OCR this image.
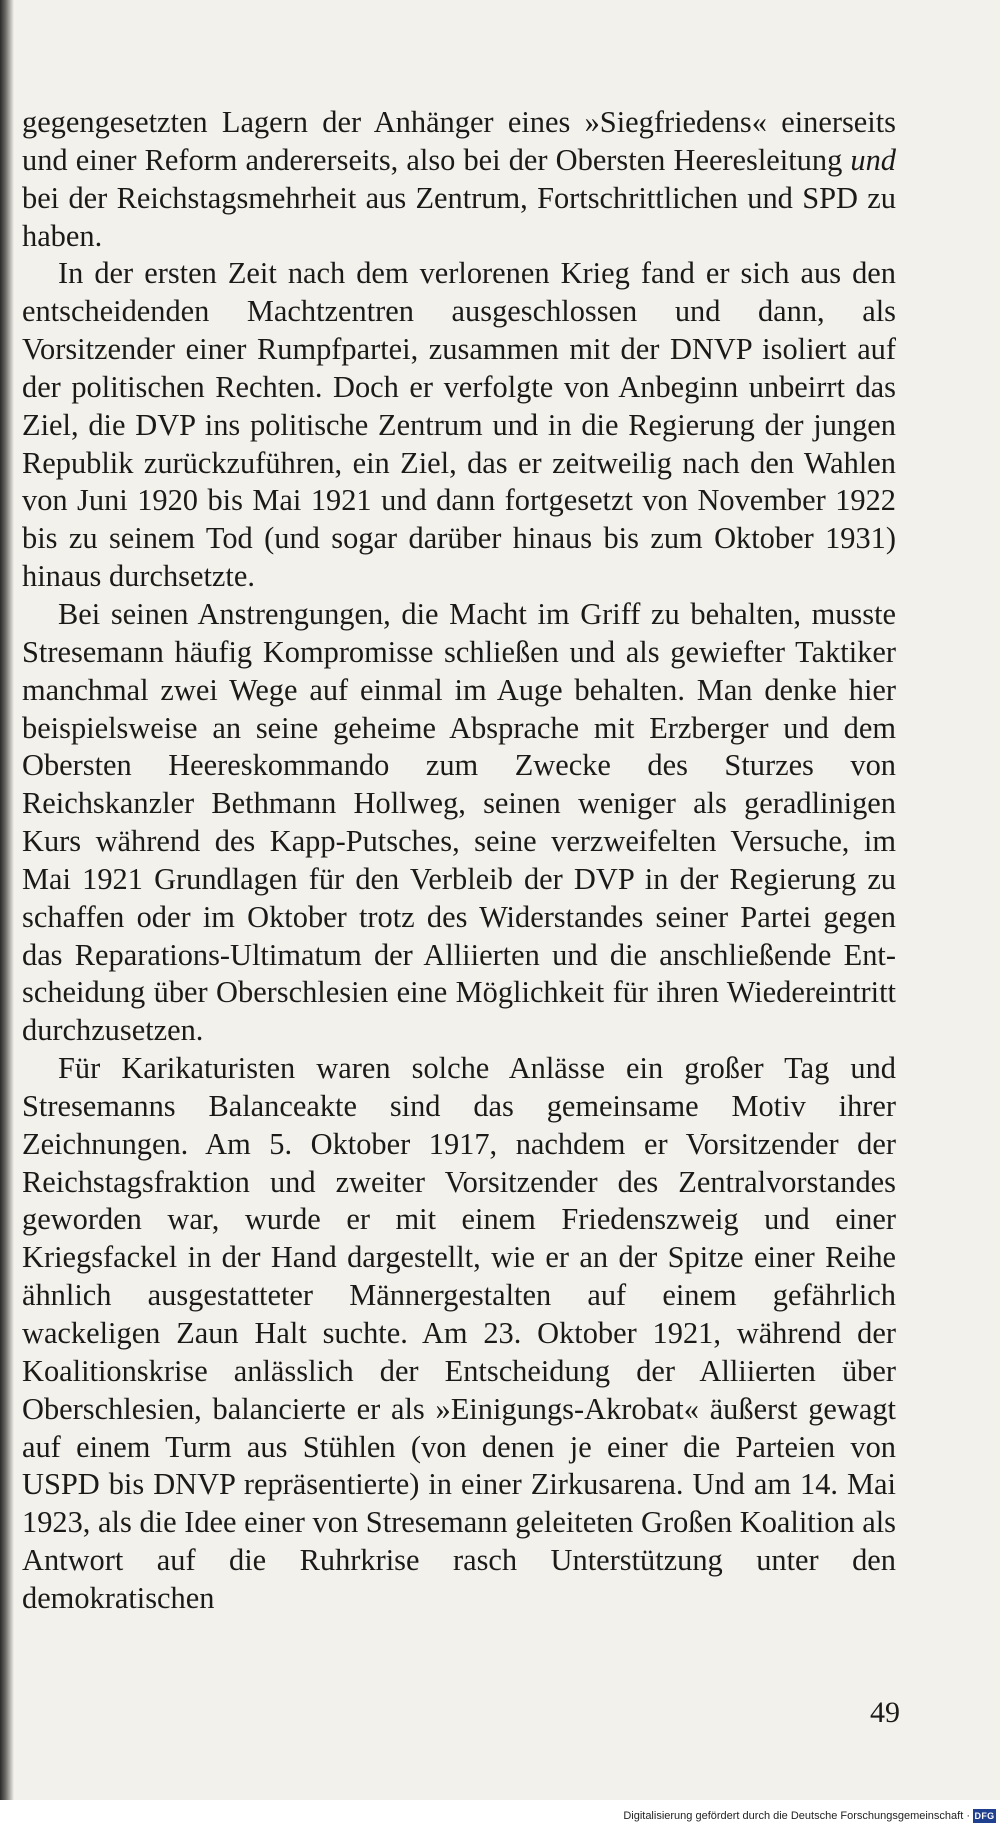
gegengesetzten Lagern der Anhänger eines »Siegfriedens« einerseits und einer Reform andererseits, also bei der Obersten Heeresleitung und bei der Reichstagsmehrheit aus Zentrum, Fortschrittlichen und SPD zu haben.

In der ersten Zeit nach dem verlorenen Krieg fand er sich aus den entscheidenden Machtzentren ausgeschlossen und dann, als Vorsitzender einer Rumpfpartei, zusammen mit der DNVP isoliert auf der politischen Rechten. Doch er verfolgte von Anbeginn unbeirrt das Ziel, die DVP ins politische Zentrum und in die Regierung der jungen Republik zurückzuführen, ein Ziel, das er zeitweilig nach den Wahlen von Juni 1920 bis Mai 1921 und dann fortgesetzt von November 1922 bis zu seinem Tod (und sogar darüber hinaus bis zum Oktober 1931) hinaus durchsetzte.

Bei seinen Anstrengungen, die Macht im Griff zu behalten, musste Stresemann häufig Kompromisse schließen und als gewiefter Taktiker manchmal zwei Wege auf einmal im Auge behalten. Man denke hier beispielsweise an seine geheime Absprache mit Erzberger und dem Obersten Heereskommando zum Zwecke des Sturzes von Reichskanzler Bethmann Hollweg, seinen weniger als geradlinigen Kurs während des Kapp-Putsches, seine verzweifelten Versuche, im Mai 1921 Grundlagen für den Verbleib der DVP in der Regierung zu schaffen oder im Oktober trotz des Widerstandes seiner Partei gegen das Reparations-Ultimatum der Alliierten und die anschließende Entscheidung über Oberschlesien eine Möglichkeit für ihren Wiedereintritt durchzusetzen.

Für Karikaturisten waren solche Anlässe ein großer Tag und Stresemanns Balanceakte sind das gemeinsame Motiv ihrer Zeichnungen. Am 5. Oktober 1917, nachdem er Vorsitzender der Reichstagsfraktion und zweiter Vorsitzender des Zentralvorstandes geworden war, wurde er mit einem Friedenszweig und einer Kriegsfackel in der Hand dargestellt, wie er an der Spitze einer Reihe ähnlich ausgestatteter Männergestalten auf einem gefährlich wackeligen Zaun Halt suchte. Am 23. Oktober 1921, während der Koalitionskrise anlässlich der Entscheidung der Alliierten über Oberschlesien, balancierte er als »Einigungs-Akrobat« äußerst gewagt auf einem Turm aus Stühlen (von denen je einer die Parteien von USPD bis DNVP repräsentierte) in einer Zirkusarena. Und am 14. Mai 1923, als die Idee einer von Stresemann geleiteten Großen Koalition als Antwort auf die Ruhrkrise rasch Unterstützung unter den demokratischen

49
Digitalisierung gefördert durch die Deutsche Forschungsgemeinschaft · DFG
